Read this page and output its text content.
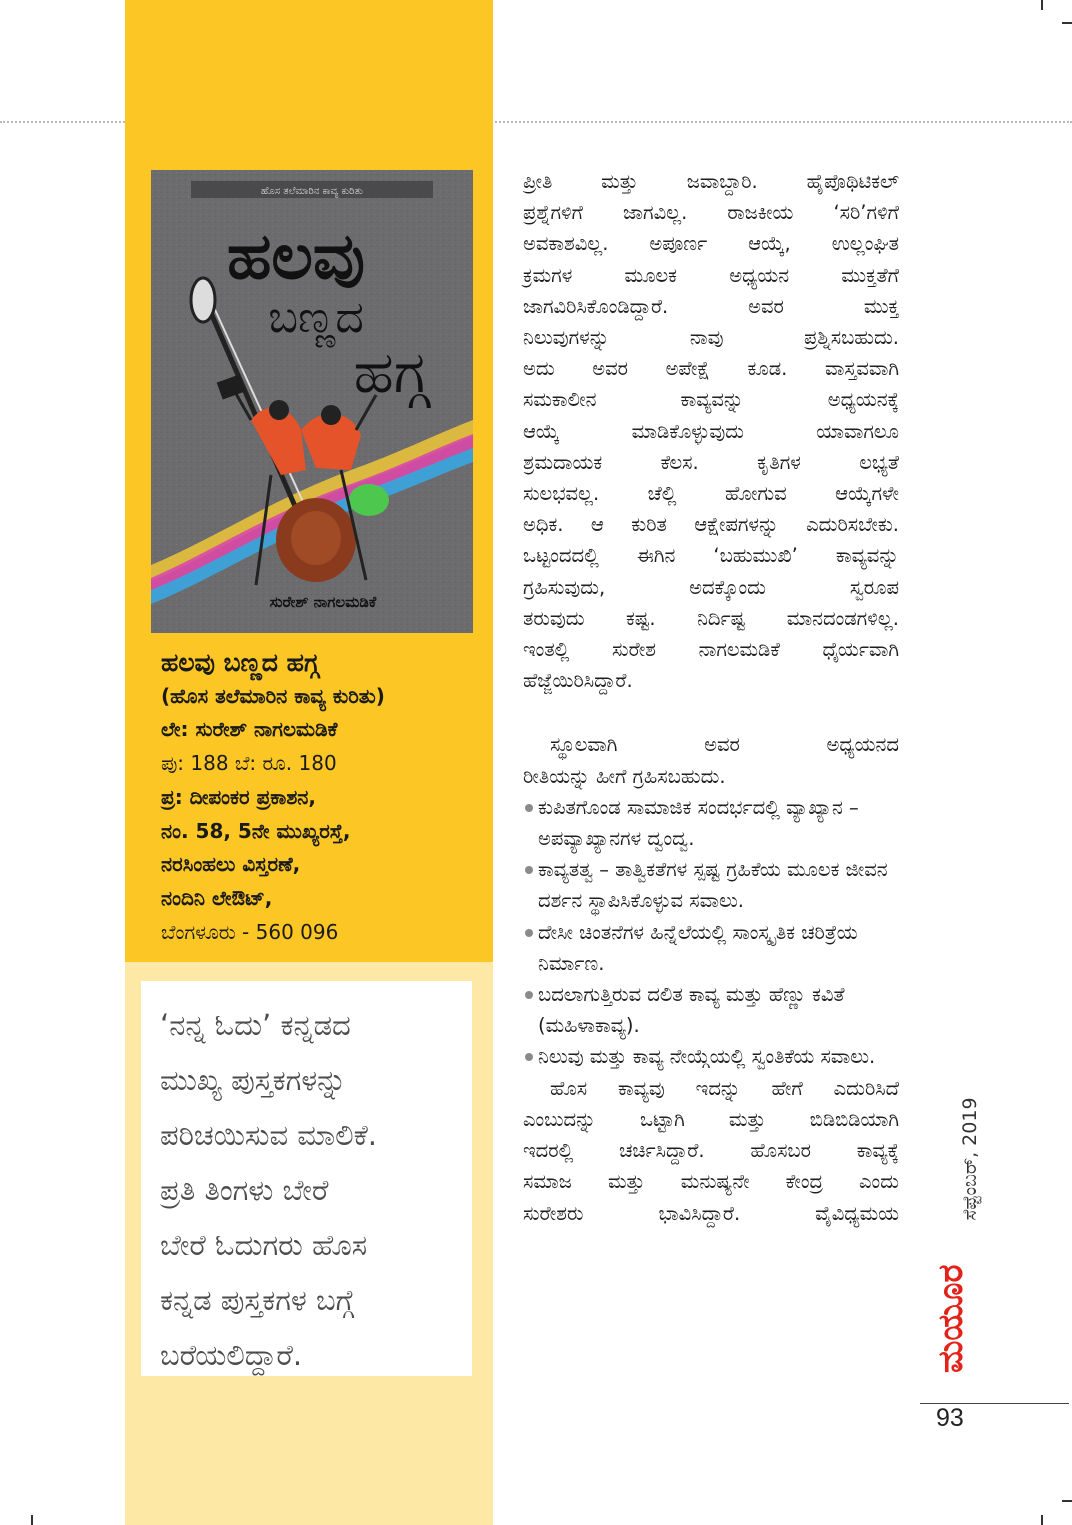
ಹೊಸ ತಲೆಮಾರಿನ ಕಾವ್ಯ ಕುರಿತು
ಹಲವು
ಬಣ್ಣದ
ಹಗ್ಗ
ಸುರೇಶ್ ನಾಗಲಮಡಿಕೆ
ಹಲವು ಬಣ್ಣದ ಹಗ್ಗ
(ಹೊಸ ತಲೆಮಾರಿನ ಕಾವ್ಯ ಕುರಿತು)
ಲೇ: ಸುರೇಶ್ ನಾಗಲಮಡಿಕೆ
ಪು: 188 ಬೆ: ರೂ. 180
ಪ್ರ: ದೀಪಂಕರ ಪ್ರಕಾಶನ,
ನಂ. 58, 5ನೇ ಮುಖ್ಯರಸ್ತೆ,
ನರಸಿಂಹಲು ವಿಸ್ತರಣೆ,
ನಂದಿನಿ ಲೇಔಟ್,
ಬೆಂಗಳೂರು - 560 096
‘ನನ್ನ ಓದು’ ಕನ್ನಡದ
ಮುಖ್ಯ ಪುಸ್ತಕಗಳನ್ನು
ಪರಿಚಯಿಸುವ ಮಾಲಿಕೆ.
ಪ್ರತಿ ತಿಂಗಳು ಬೇರೆ
ಬೇರೆ ಓದುಗರು ಹೊಸ
ಕನ್ನಡ ಪುಸ್ತಕಗಳ ಬಗ್ಗೆ
ಬರೆಯಲಿದ್ದಾರೆ.

ಪ್ರೀತಿ ಮತ್ತು ಜವಾಬ್ದಾರಿ. ಹೈಪೊಥಿಟಿಕಲ್

ಪ್ರಶ್ನೆಗಳಿಗೆ ಜಾಗವಿಲ್ಲ. ರಾಜಕೀಯ ‘ಸರಿ’ಗಳಿಗೆ

ಅವಕಾಶವಿಲ್ಲ. ಅಪೂರ್ಣ ಆಯ್ಕೆ, ಉಲ್ಲಂಘಿತ

ಕ್ರಮಗಳ ಮೂಲಕ ಅಧ್ಯಯನ ಮುಕ್ತತೆಗೆ

ಜಾಗವಿರಿಸಿಕೊಂಡಿದ್ದಾರೆ. ಅವರ ಮುಕ್ತ

ನಿಲುವುಗಳನ್ನು ನಾವು ಪ್ರಶ್ನಿಸಬಹುದು.

ಅದು ಅವರ ಅಪೇಕ್ಷೆ ಕೂಡ. ವಾಸ್ತವವಾಗಿ

ಸಮಕಾಲೀನ ಕಾವ್ಯವನ್ನು ಅಧ್ಯಯನಕ್ಕೆ

ಆಯ್ಕೆ ಮಾಡಿಕೊಳ್ಳುವುದು ಯಾವಾಗಲೂ

ಶ್ರಮದಾಯಕ ಕೆಲಸ. ಕೃತಿಗಳ ಲಭ್ಯತೆ

ಸುಲಭವಲ್ಲ. ಚೆಲ್ಲಿ ಹೋಗುವ ಆಯ್ಕೆಗಳೇ

ಅಧಿಕ. ಆ ಕುರಿತ ಆಕ್ಷೇಪಗಳನ್ನು ಎದುರಿಸಬೇಕು.

ಒಟ್ಟಂದದಲ್ಲಿ ಈಗಿನ ‘ಬಹುಮುಖಿ’ ಕಾವ್ಯವನ್ನು

ಗ್ರಹಿಸುವುದು, ಅದಕ್ಕೊಂದು ಸ್ವರೂಪ

ತರುವುದು ಕಷ್ಟ. ನಿರ್ದಿಷ್ಟ ಮಾನದಂಡಗಳಿಲ್ಲ.

ಇಂತಲ್ಲಿ ಸುರೇಶ ನಾಗಲಮಡಿಕೆ ಧೈರ್ಯವಾಗಿ

ಹೆಜ್ಜೆಯಿರಿಸಿದ್ದಾರೆ.

ಸ್ಥೂಲವಾಗಿ ಅವರ ಅಧ್ಯಯನದ

ರೀತಿಯನ್ನು ಹೀಗೆ ಗ್ರಹಿಸಬಹುದು.

ಕುಪಿತಗೊಂಡ ಸಾಮಾಜಿಕ ಸಂದರ್ಭದಲ್ಲಿ ವ್ಯಾಖ್ಯಾನ – ಅಪವ್ಯಾಖ್ಯಾನಗಳ ದ್ವಂದ್ವ.
ಕಾವ್ಯತತ್ವ – ತಾತ್ವಿಕತೆಗಳ ಸ್ಪಷ್ಟ ಗ್ರಹಿಕೆಯ ಮೂಲಕ ಜೀವನ ದರ್ಶನ ಸ್ಥಾಪಿಸಿಕೊಳ್ಳುವ ಸವಾಲು.
ದೇಸೀ ಚಿಂತನೆಗಳ ಹಿನ್ನೆಲೆಯಲ್ಲಿ ಸಾಂಸ್ಕೃತಿಕ ಚರಿತ್ರೆಯ ನಿರ್ಮಾಣ.
ಬದಲಾಗುತ್ತಿರುವ ದಲಿತ ಕಾವ್ಯ ಮತ್ತು ಹೆಣ್ಣು ಕವಿತೆ (ಮಹಿಳಾಕಾವ್ಯ).
ನಿಲುವು ಮತ್ತು ಕಾವ್ಯ ನೇಯ್ಗೆಯಲ್ಲಿ ಸ್ವಂತಿಕೆಯ ಸವಾಲು.

ಹೊಸ ಕಾವ್ಯವು ಇದನ್ನು ಹೇಗೆ ಎದುರಿಸಿದೆ

ಎಂಬುದನ್ನು ಒಟ್ಟಾಗಿ ಮತ್ತು ಬಿಡಿಬಿಡಿಯಾಗಿ

ಇದರಲ್ಲಿ ಚರ್ಚಿಸಿದ್ದಾರೆ. ಹೊಸಬರ ಕಾವ್ಯಕ್ಕೆ

ಸಮಾಜ ಮತ್ತು ಮನುಷ್ಯನೇ ಕೇಂದ್ರ ಎಂದು

ಸುರೇಶರು ಭಾವಿಸಿದ್ದಾರೆ. ವೈವಿಧ್ಯಮಯ	ಸೆಪ್ಟೆಂಬರ್, 2019
ಮಯೂರ
93
